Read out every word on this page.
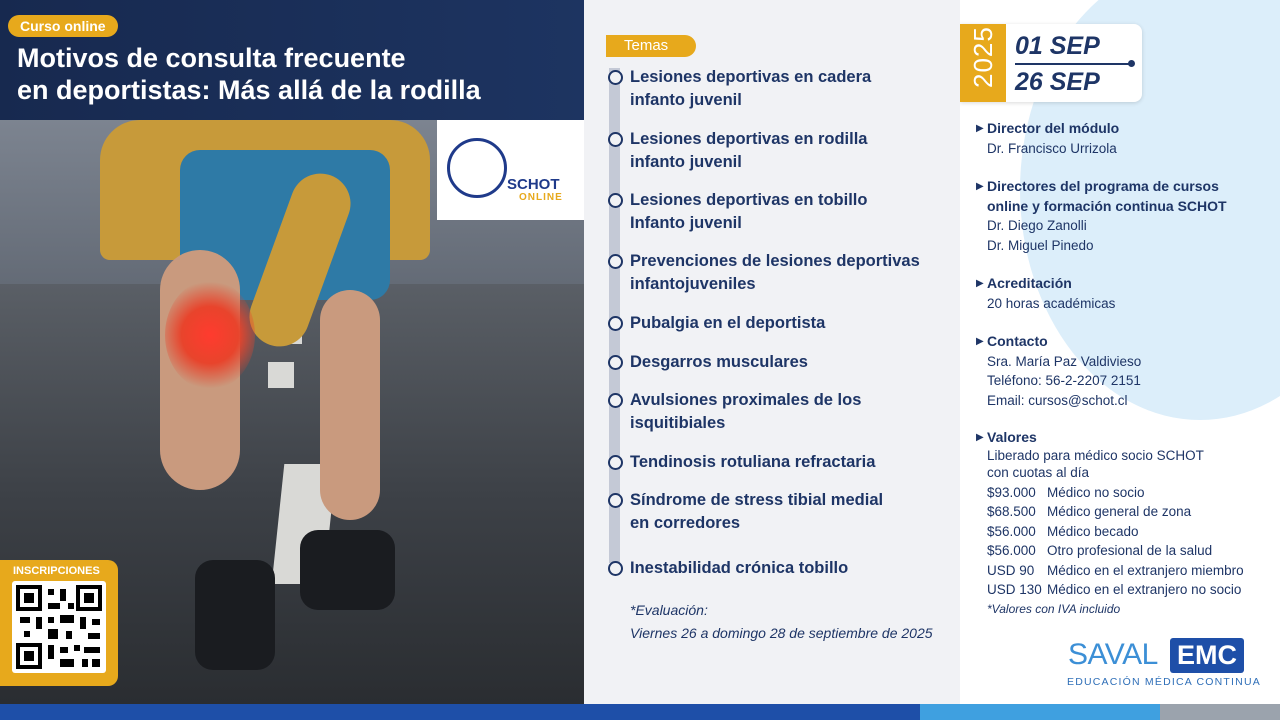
Curso online
Motivos de consulta frecuente
en deportistas: Más allá de la rodilla
SCHOT
ONLINE
INSCRIPCIONES
Temas
Lesiones deportivas en cadera
infanto juvenil
Lesiones deportivas en rodilla
infanto juvenil
Lesiones deportivas en tobillo
Infanto juvenil
Prevenciones de lesiones deportivas
infantojuveniles
Pubalgia en el deportista
Desgarros musculares
Avulsiones proximales de los
isquitibiales
Tendinosis rotuliana refractaria
Síndrome de stress tibial medial
en corredores
Inestabilidad crónica tobillo
*Evaluación:
Viernes 26 a domingo 28 de septiembre de 2025
2025 01 SEP
26 SEP
▶ Director del módulo

Dr. Francisco Urrizola

▶ Directores del programa de cursos
online y formación continua SCHOT

Dr. Diego Zanolli

Dr. Miguel Pinedo

▶ Acreditación

20 horas académicas

▶ Contacto

Sra. María Paz Valdivieso

Teléfono: 56-2-2207 2151

Email: cursos@schot.cl

▶ Valores

Liberado para médico socio SCHOT

con cuotas al día

$93.000 Médico no socio
$68.500 Médico general de zona
$56.000 Médico becado
$56.000 Otro profesional de la salud
USD 90 Médico en el extranjero miembro
USD 130 Médico en el extranjero no socio
*Valores con IVA incluido
SAVAL EMC
EDUCACIÓN MÉDICA CONTINUA
